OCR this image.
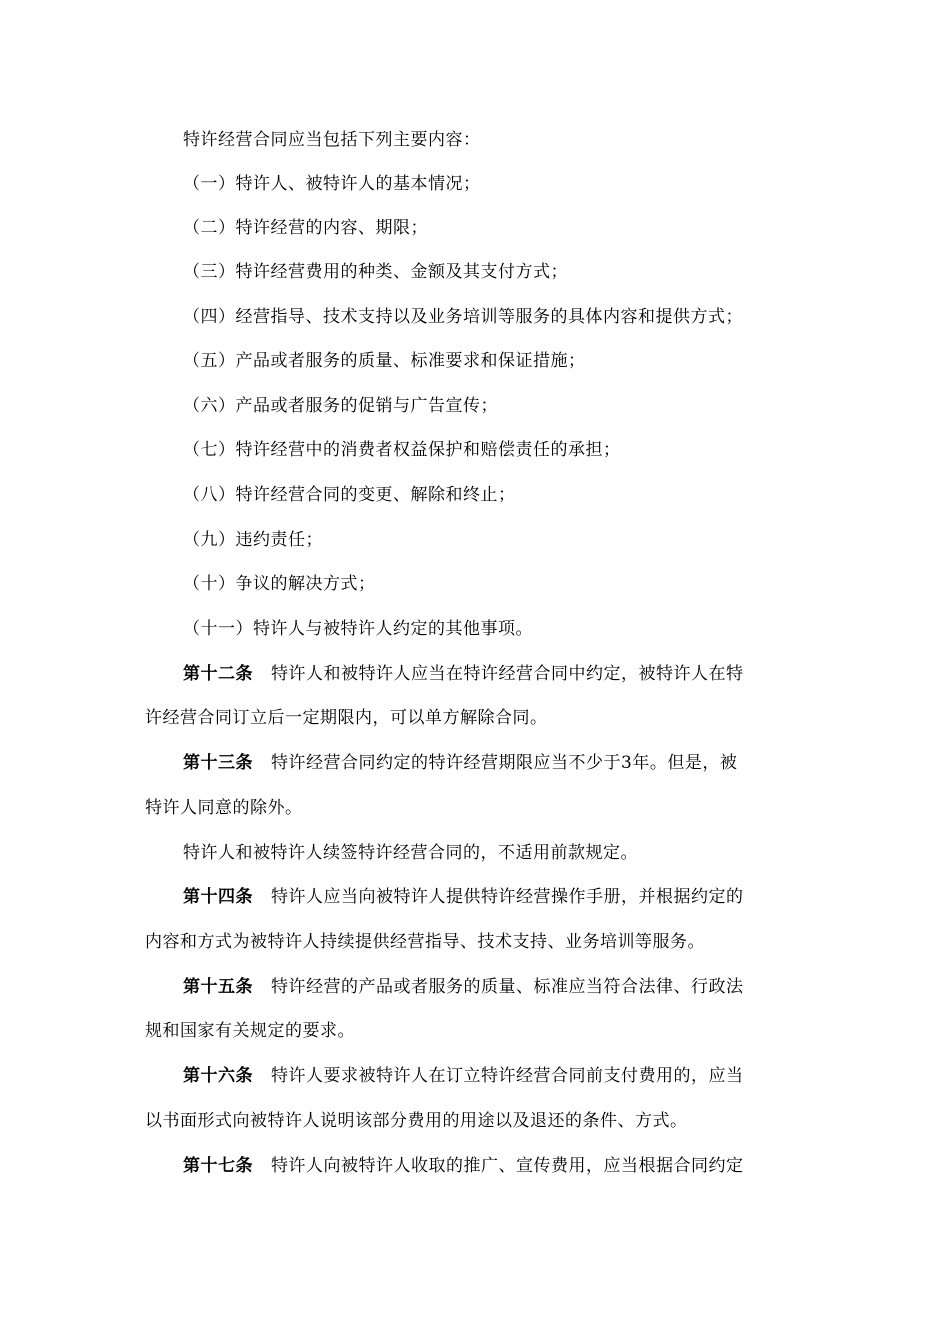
特许经营合同应当包括下列主要内容：
（一）特许人、被特许人的基本情况；
（二）特许经营的内容、期限；
（三）特许经营费用的种类、金额及其支付方式；
（四）经营指导、技术支持以及业务培训等服务的具体内容和提供方式；
（五）产品或者服务的质量、标准要求和保证措施；
（六）产品或者服务的促销与广告宣传；
（七）特许经营中的消费者权益保护和赔偿责任的承担；
（八）特许经营合同的变更、解除和终止；
（九）违约责任；
（十）争议的解决方式；
（十一）特许人与被特许人约定的其他事项。
第十二条 特许人和被特许人应当在特许经营合同中约定，被特许人在特
许经营合同订立后一定期限内，可以单方解除合同。
第十三条 特许经营合同约定的特许经营期限应当不少于3年。但是，被
特许人同意的除外。
特许人和被特许人续签特许经营合同的，不适用前款规定。
第十四条 特许人应当向被特许人提供特许经营操作手册，并根据约定的
内容和方式为被特许人持续提供经营指导、技术支持、业务培训等服务。
第十五条 特许经营的产品或者服务的质量、标准应当符合法律、行政法
规和国家有关规定的要求。
第十六条 特许人要求被特许人在订立特许经营合同前支付费用的，应当
以书面形式向被特许人说明该部分费用的用途以及退还的条件、方式。
第十七条 特许人向被特许人收取的推广、宣传费用，应当根据合同约定
